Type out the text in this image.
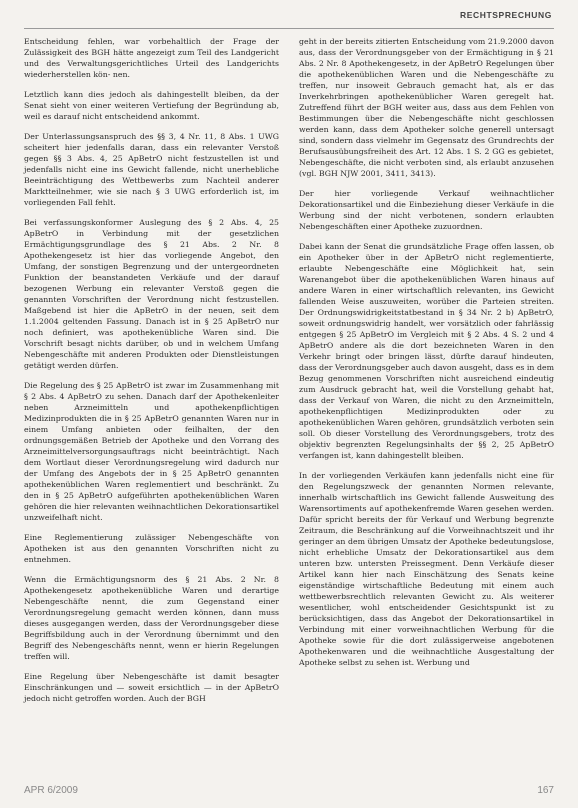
RECHTSPRECHUNG

Entscheidung fehlen, war vorbehaltlich der Frage der Zulässigkeit des BGH hätte angezeigt zum Teil des Landgericht und des Verwaltungsgerichtliches Urteil des Landgerichts wiederherstellen kön- nen.

Letztlich kann dies jedoch als dahingestellt bleiben, da der Senat sieht von einer weiteren Vertiefung der Begründung ab, weil es darauf nicht entscheidend ankommt.

Der Unterlassungsanspruch des §§ 3, 4 Nr. 11, 8 Abs. 1 UWG scheitert hier jedenfalls daran, dass ein relevanter Verstoß gegen §§ 3 Abs. 4, 25 ApBetrO nicht festzustellen ist und jedenfalls nicht eine ins Gewicht fallende, nicht unerhebliche Beeinträchtigung des Wettbewerbs zum Nachteil anderer Marktteilnehmer, wie sie nach § 3 UWG erforderlich ist, im vorliegenden Fall fehlt.

Bei verfassungskonformer Auslegung des § 2 Abs. 4, 25 ApBetrO in Verbindung mit der gesetzlichen Ermächtigungsgrundlage des § 21 Abs. 2 Nr. 8 Apothekengesetz ist hier das vorliegende Angebot, den Umfang, der sonstigen Begrenzung und der untergeordneten Funktion der beanstandeten Verkäufe und der darauf bezogenen Werbung ein relevanter Verstoß gegen die genannten Vorschriften der Verordnung nicht festzustellen. Maßgebend ist hier die ApBetrO in der neuen, seit dem 1.1.2004 geltenden Fassung. Danach ist in § 25 ApBetrO nur noch definiert, was apothekenübliche Waren sind. Die Vorschrift besagt nichts darüber, ob und in welchem Umfang Nebengeschäfte mit anderen Produkten oder Dienstleistungen getätigt werden dürfen.

Die Regelung des § 25 ApBetrO ist zwar im Zusammenhang mit § 2 Abs. 4 ApBetrO zu sehen. Danach darf der Apothekenleiter neben Arzneimitteln und apothekenpflichtigen Medizinprodukten die in § 25 ApBetrO genannten Waren nur in einem Umfang anbieten oder feilhalten, der den ordnungsgemäßen Betrieb der Apotheke und den Vorrang des Arzneimittelversorgungsauftrags nicht beeinträchtigt. Nach dem Wortlaut dieser Verordnungsregelung wird dadurch nur der Umfang des Angebots der in § 25 ApBetrO genannten apothekenüblichen Waren reglementiert und beschränkt. Zu den in § 25 ApBetrO aufgeführten apothekenüblichen Waren gehören die hier relevanten weihnachtlichen Dekorationsartikel unzweifelhaft nicht.

Eine Reglementierung zulässiger Nebengeschäfte von Apotheken ist aus den genannten Vorschriften nicht zu entnehmen.

Wenn die Ermächtigungsnorm des § 21 Abs. 2 Nr. 8 Apothekengesetz apothekenübliche Waren und derartige Nebengeschäfte nennt, die zum Gegenstand einer Verordnungsregelung gemacht werden können, dann muss dieses ausgegangen werden, dass der Verordnungsgeber diese Begriffsbildung auch in der Verordnung übernimmt und den Begriff des Nebengeschäfts nennt, wenn er hierin Regelungen treffen will.

Eine Regelung über Nebengeschäfte ist damit besagter Einschränkungen und — soweit ersichtlich — in der ApBetrO jedoch nicht getroffen worden. Auch der BGH

geht in der bereits zitierten Entscheidung vom 21.9.2000 davon aus, dass der Verordnungsgeber von der Ermächtigung in § 21 Abs. 2 Nr. 8 Apothekengesetz, in der ApBetrO Regelungen über die apothekenüblichen Waren und die Nebengeschäfte zu treffen, nur insoweit Gebrauch gemacht hat, als er das Inverkehrbringen apothekenüblicher Waren geregelt hat. Zutreffend führt der BGH weiter aus, dass aus dem Fehlen von Bestimmungen über die Nebengeschäfte nicht geschlossen werden kann, dass dem Apotheker solche generell untersagt sind, sondern dass vielmehr im Gegensatz des Grundrechts der Berufsausübungsfreiheit des Art. 12 Abs. 1 S. 2 GG es gebietet, Nebengeschäfte, die nicht verboten sind, als erlaubt anzusehen (vgl. BGH NJW 2001, 3411, 3413).

Der hier vorliegende Verkauf weihnachtlicher Dekorationsartikel und die Einbeziehung dieser Verkäufe in die Werbung sind der nicht verbotenen, sondern erlaubten Nebengeschäften einer Apotheke zuzuordnen.

Dabei kann der Senat die grundsätzliche Frage offen lassen, ob ein Apotheker über in der ApBetrO nicht reglementierte, erlaubte Nebengeschäfte eine Möglichkeit hat, sein Warenangebot über die apothekenüblichen Waren hinaus auf andere Waren in einer wirtschaftlich relevanten, ins Gewicht fallenden Weise auszuweiten, worüber die Parteien streiten. Der Ordnungswidrigkeitstatbestand in § 34 Nr. 2 b) ApBetrO, soweit ordnungswidrig handelt, wer vorsätzlich oder fahrlässig entgegen § 25 ApBetrO im Vergleich mit § 2 Abs. 4 S. 2 und 4 ApBetrO andere als die dort bezeichneten Waren in den Verkehr bringt oder bringen lässt, dürfte darauf hindeuten, dass der Verordnungsgeber auch davon ausgeht, dass es in dem Bezug genommenen Vorschriften nicht ausreichend eindeutig zum Ausdruck gebracht hat, weil die Vorstellung gehabt hat, dass der Verkauf von Waren, die nicht zu den Arzneimitteln, apothekenpflichtigen Medizinprodukten oder zu apothekenüblichen Waren gehören, grundsätzlich verboten sein soll. Ob dieser Vorstellung des Verordnungsgebers, trotz des objektiv begrenzten Regelungsinhalts der §§ 2, 25 ApBetrO verfangen ist, kann dahingestellt bleiben.

In der vorliegenden Verkäufen kann jedenfalls nicht eine für den Regelungszweck der genannten Normen relevante, innerhalb wirtschaftlich ins Gewicht fallende Ausweitung des Warensortiments auf apothekenfremde Waren gesehen werden. Dafür spricht bereits der für Verkauf und Werbung begrenzte Zeitraum, die Beschränkung auf die Vorweihnachtszeit und ihr geringer an dem übrigen Umsatz der Apotheke bedeutungslose, nicht erhebliche Umsatz der Dekorationsartikel aus dem unteren bzw. untersten Preissegment. Denn Verkäufe dieser Artikel kann hier nach Einschätzung des Senats keine eigenständige wirtschaftliche Bedeutung mit einem auch wettbewerbsrechtlich relevanten Gewicht zu. Als weiterer wesentlicher, wohl entscheidender Gesichtspunkt ist zu berücksichtigen, dass das Angebot der Dekorationsartikel in Verbindung mit einer vorweihnachtlichen Werbung für die Apotheke sowie für die dort zulässigerweise angebotenen Apothekenwaren und die weihnachtliche Ausgestaltung der Apotheke selbst zu sehen ist. Werbung und

APR 6/2009	167
